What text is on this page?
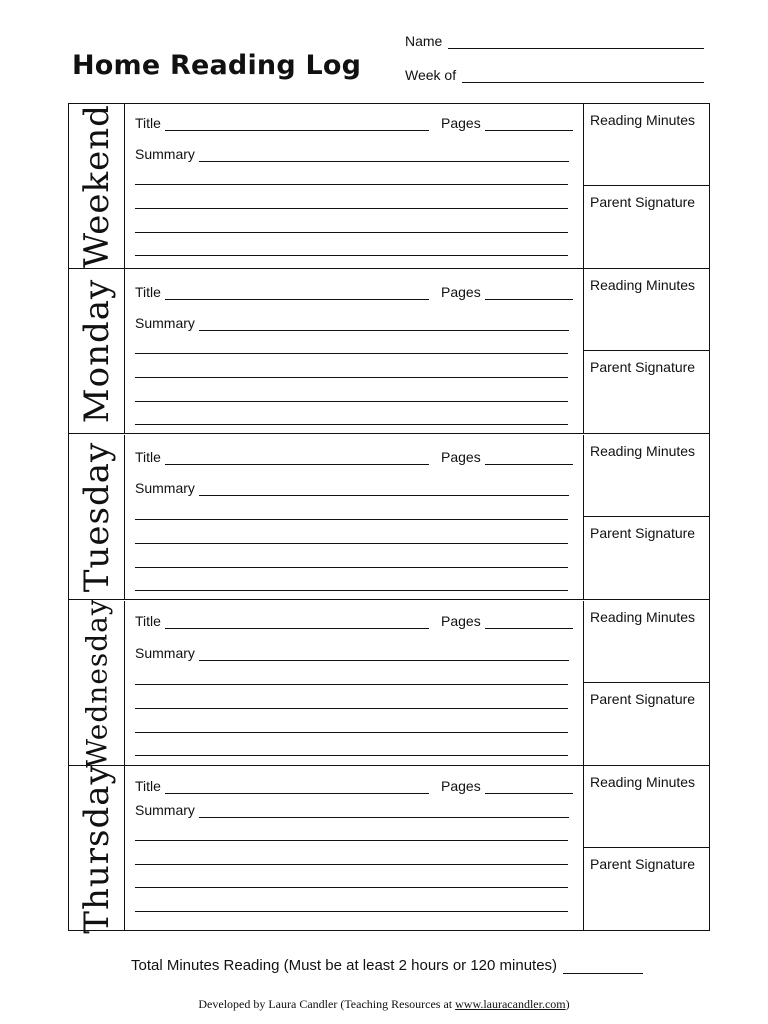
Home Reading Log
Name
Week of
Weekend Title	Pages
Summary
Reading Minutes
Parent Signature
Monday Title	Pages
Summary
Reading Minutes
Parent Signature
Tuesday Title	Pages
Summary
Reading Minutes
Parent Signature
Wednesday Title	Pages
Summary
Reading Minutes
Parent Signature
Thursday Title	Pages
Summary
Reading Minutes
Parent Signature
Total Minutes Reading (Must be at least 2 hours or 120 minutes)
Developed by Laura Candler (Teaching Resources at www.lauracandler.com)
